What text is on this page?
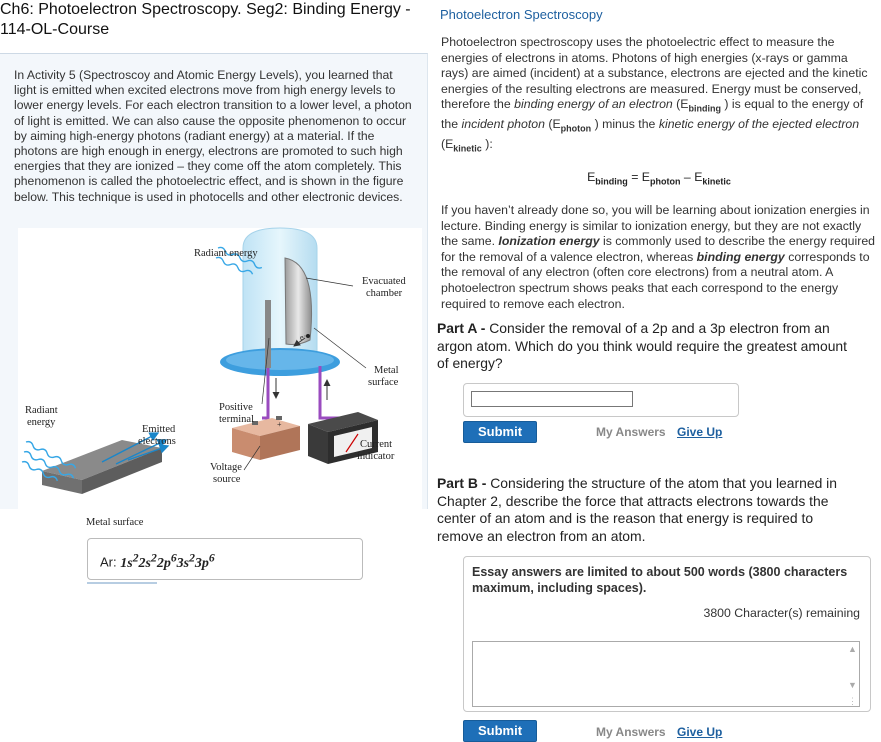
Ch6: Photoelectron Spectroscopy. Seg2: Binding Energy - 114-OL-Course
In Activity 5 (Spectroscoy and Atomic Energy Levels), you learned that light is emitted when excited electrons move from high energy levels to lower energy levels. For each electron transition to a lower level, a photon of light is emitted. We can also cause the opposite phenomenon to occur by aiming high-energy photons (radiant energy) at a material. If the photons are high enough in energy, electrons are promoted to such high energies that they are ionized – they come off the atom completely. This phenomenon is called the photoelectric effect, and is shown in the figure below. This technique is used in photocells and other electronic devices.
Radiant energy
Evacuated
chamber
e⁻
Metal
surface
Positive
terminal
Radiant
energy
Emitted
electrons	Current
indicator
Voltage
source
Metal surface
+
Ar: $1s^22s^22p^63s^23p^6$
Photoelectron Spectroscopy
Photoelectron spectroscopy uses the photoelectric effect to measure the energies of electrons in atoms. Photons of high energies (x-rays or gamma rays) are aimed (incident) at a substance, electrons are ejected and the kinetic energies of the resulting electrons are measured. Energy must be conserved, therefore the binding energy of an electron ($E_{binding}$ ) is equal to the energy of the incident photon ($E_{photon}$ ) minus the kinetic energy of the ejected electron ($E_{kinetic}$ ):
$E_{binding} = E_{photon} - E_{kinetic}$
If you haven’t already done so, you will be learning about ionization energies in lecture. Binding energy is similar to ionization energy, but they are not exactly the same. Ionization energy is commonly used to describe the energy required for the removal of a valence electron, whereas binding energy corresponds to the removal of any electron (often core electrons) from a neutral atom. A photoelectron spectrum shows peaks that each correspond to the energy required to remove each electron.
Part A - Consider the removal of a 2p and a 3p electron from an argon atom. Which do you think would require the greatest amount of energy?
Submit	My Answers Give Up
Part B - Considering the structure of the atom that you learned in Chapter 2, describe the force that attracts electrons towards the center of an atom and is the reason that energy is required to remove an electron from an atom.
Essay answers are limited to about 500 words (3800 characters maximum, including spaces).
3800 Character(s) remaining
▲
▼
⋮
Submit	My Answers Give Up
